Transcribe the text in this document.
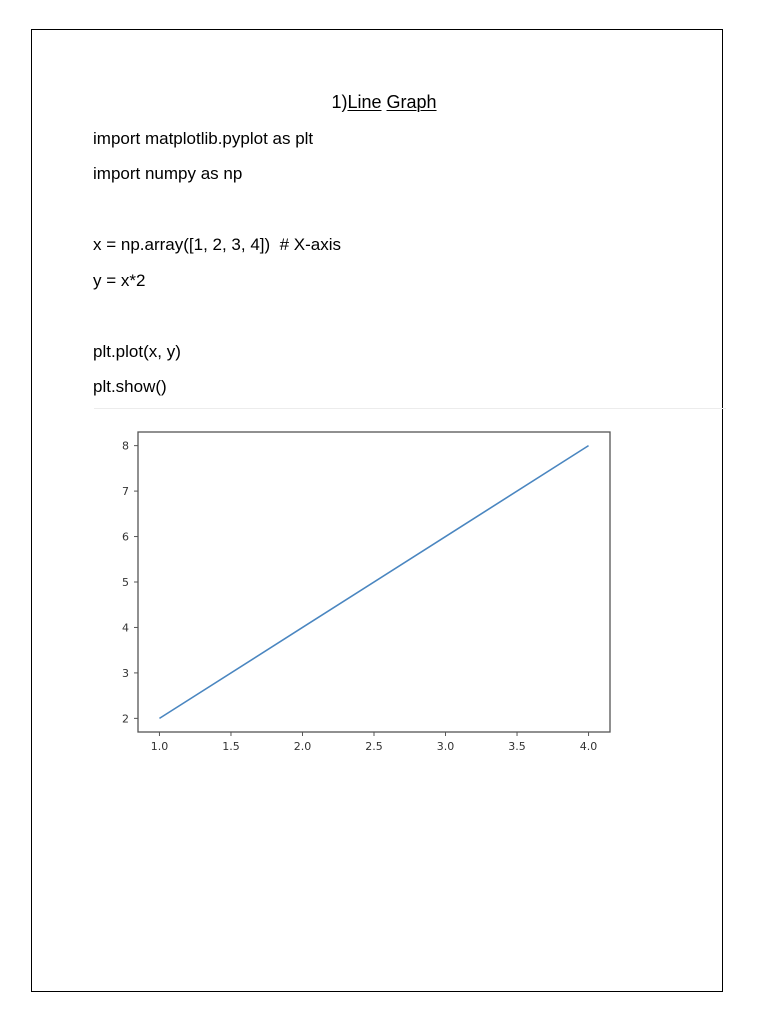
1)Line Graph
import matplotlib.pyplot as plt
import numpy as np
x = np.array([1, 2, 3, 4])  # X-axis
y = x*2
plt.plot(x, y)
plt.show()
1.0	1.5	2.0	2.5	3.0	3.5	4.0
2
3
4
5
6
7
8
